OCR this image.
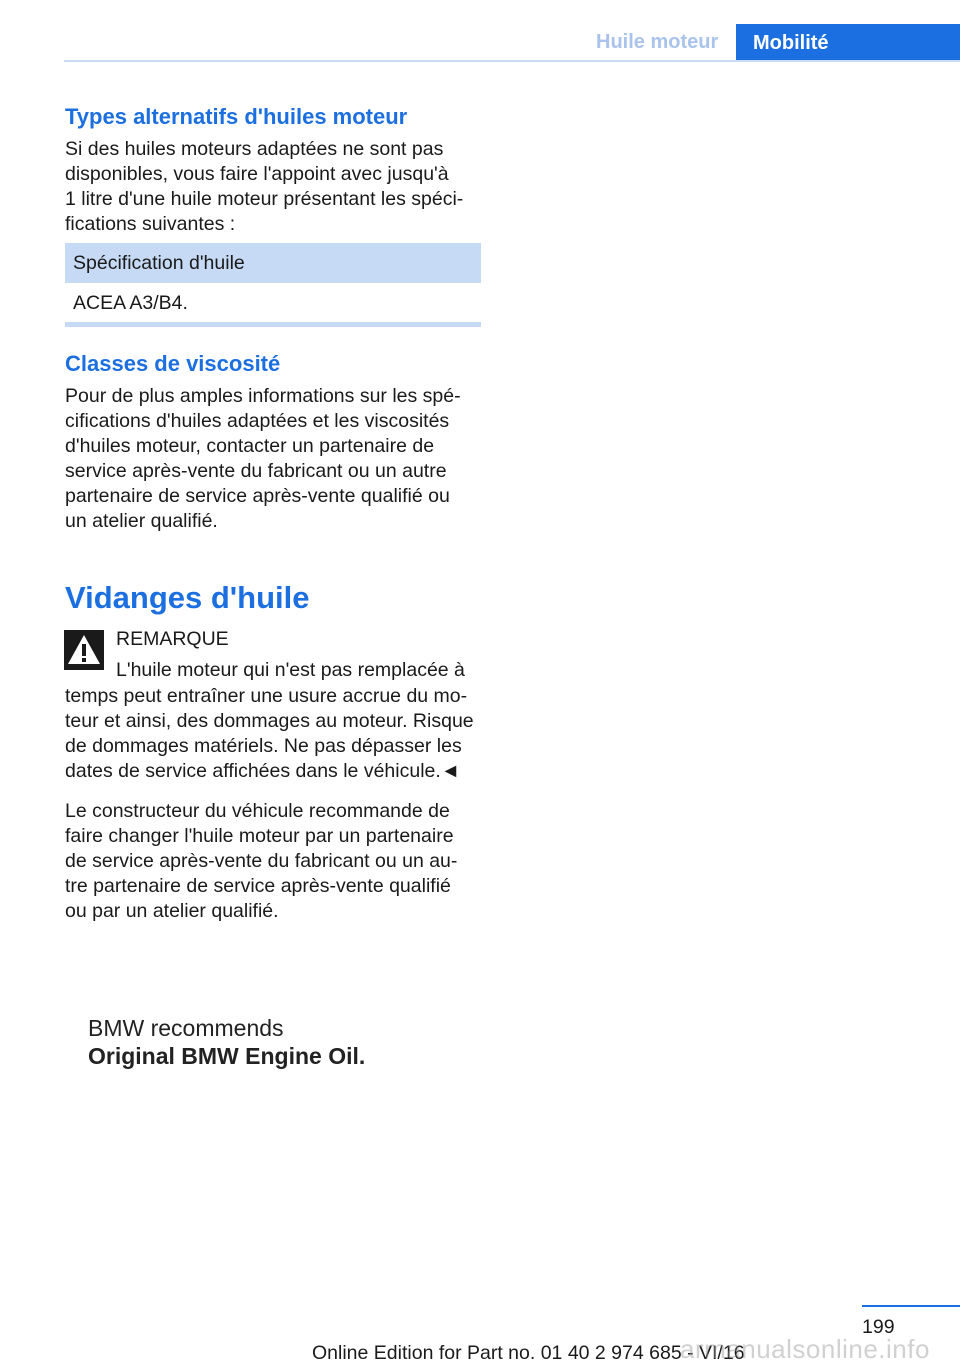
Huile moteur	Mobilité
Types alternatifs d'huiles moteur

Si des huiles moteurs adaptées ne sont pas

disponibles, vous faire l'appoint avec jusqu'à

1 litre d'une huile moteur présentant les spéci-

fications suivantes :

Spécification d'huile
ACEA A3/B4.
Classes de viscosité

Pour de plus amples informations sur les spé-

cifications d'huiles adaptées et les viscosités

d'huiles moteur, contacter un partenaire de

service après-vente du fabricant ou un autre

partenaire de service après-vente qualifié ou

un atelier qualifié.

Vidanges d'huile
REMARQUE

L'huile moteur qui n'est pas remplacée à

temps peut entraîner une usure accrue du mo-

teur et ainsi, des dommages au moteur. Risque

de dommages matériels. Ne pas dépasser les

dates de service affichées dans le véhicule.◄

Le constructeur du véhicule recommande de

faire changer l'huile moteur par un partenaire

de service après-vente du fabricant ou un au-

tre partenaire de service après-vente qualifié

ou par un atelier qualifié.

BMW recommends
Original BMW Engine Oil.
199
Online Edition for Part no. 01 40 2 974 685 - VI/16
armanualsonline.info
